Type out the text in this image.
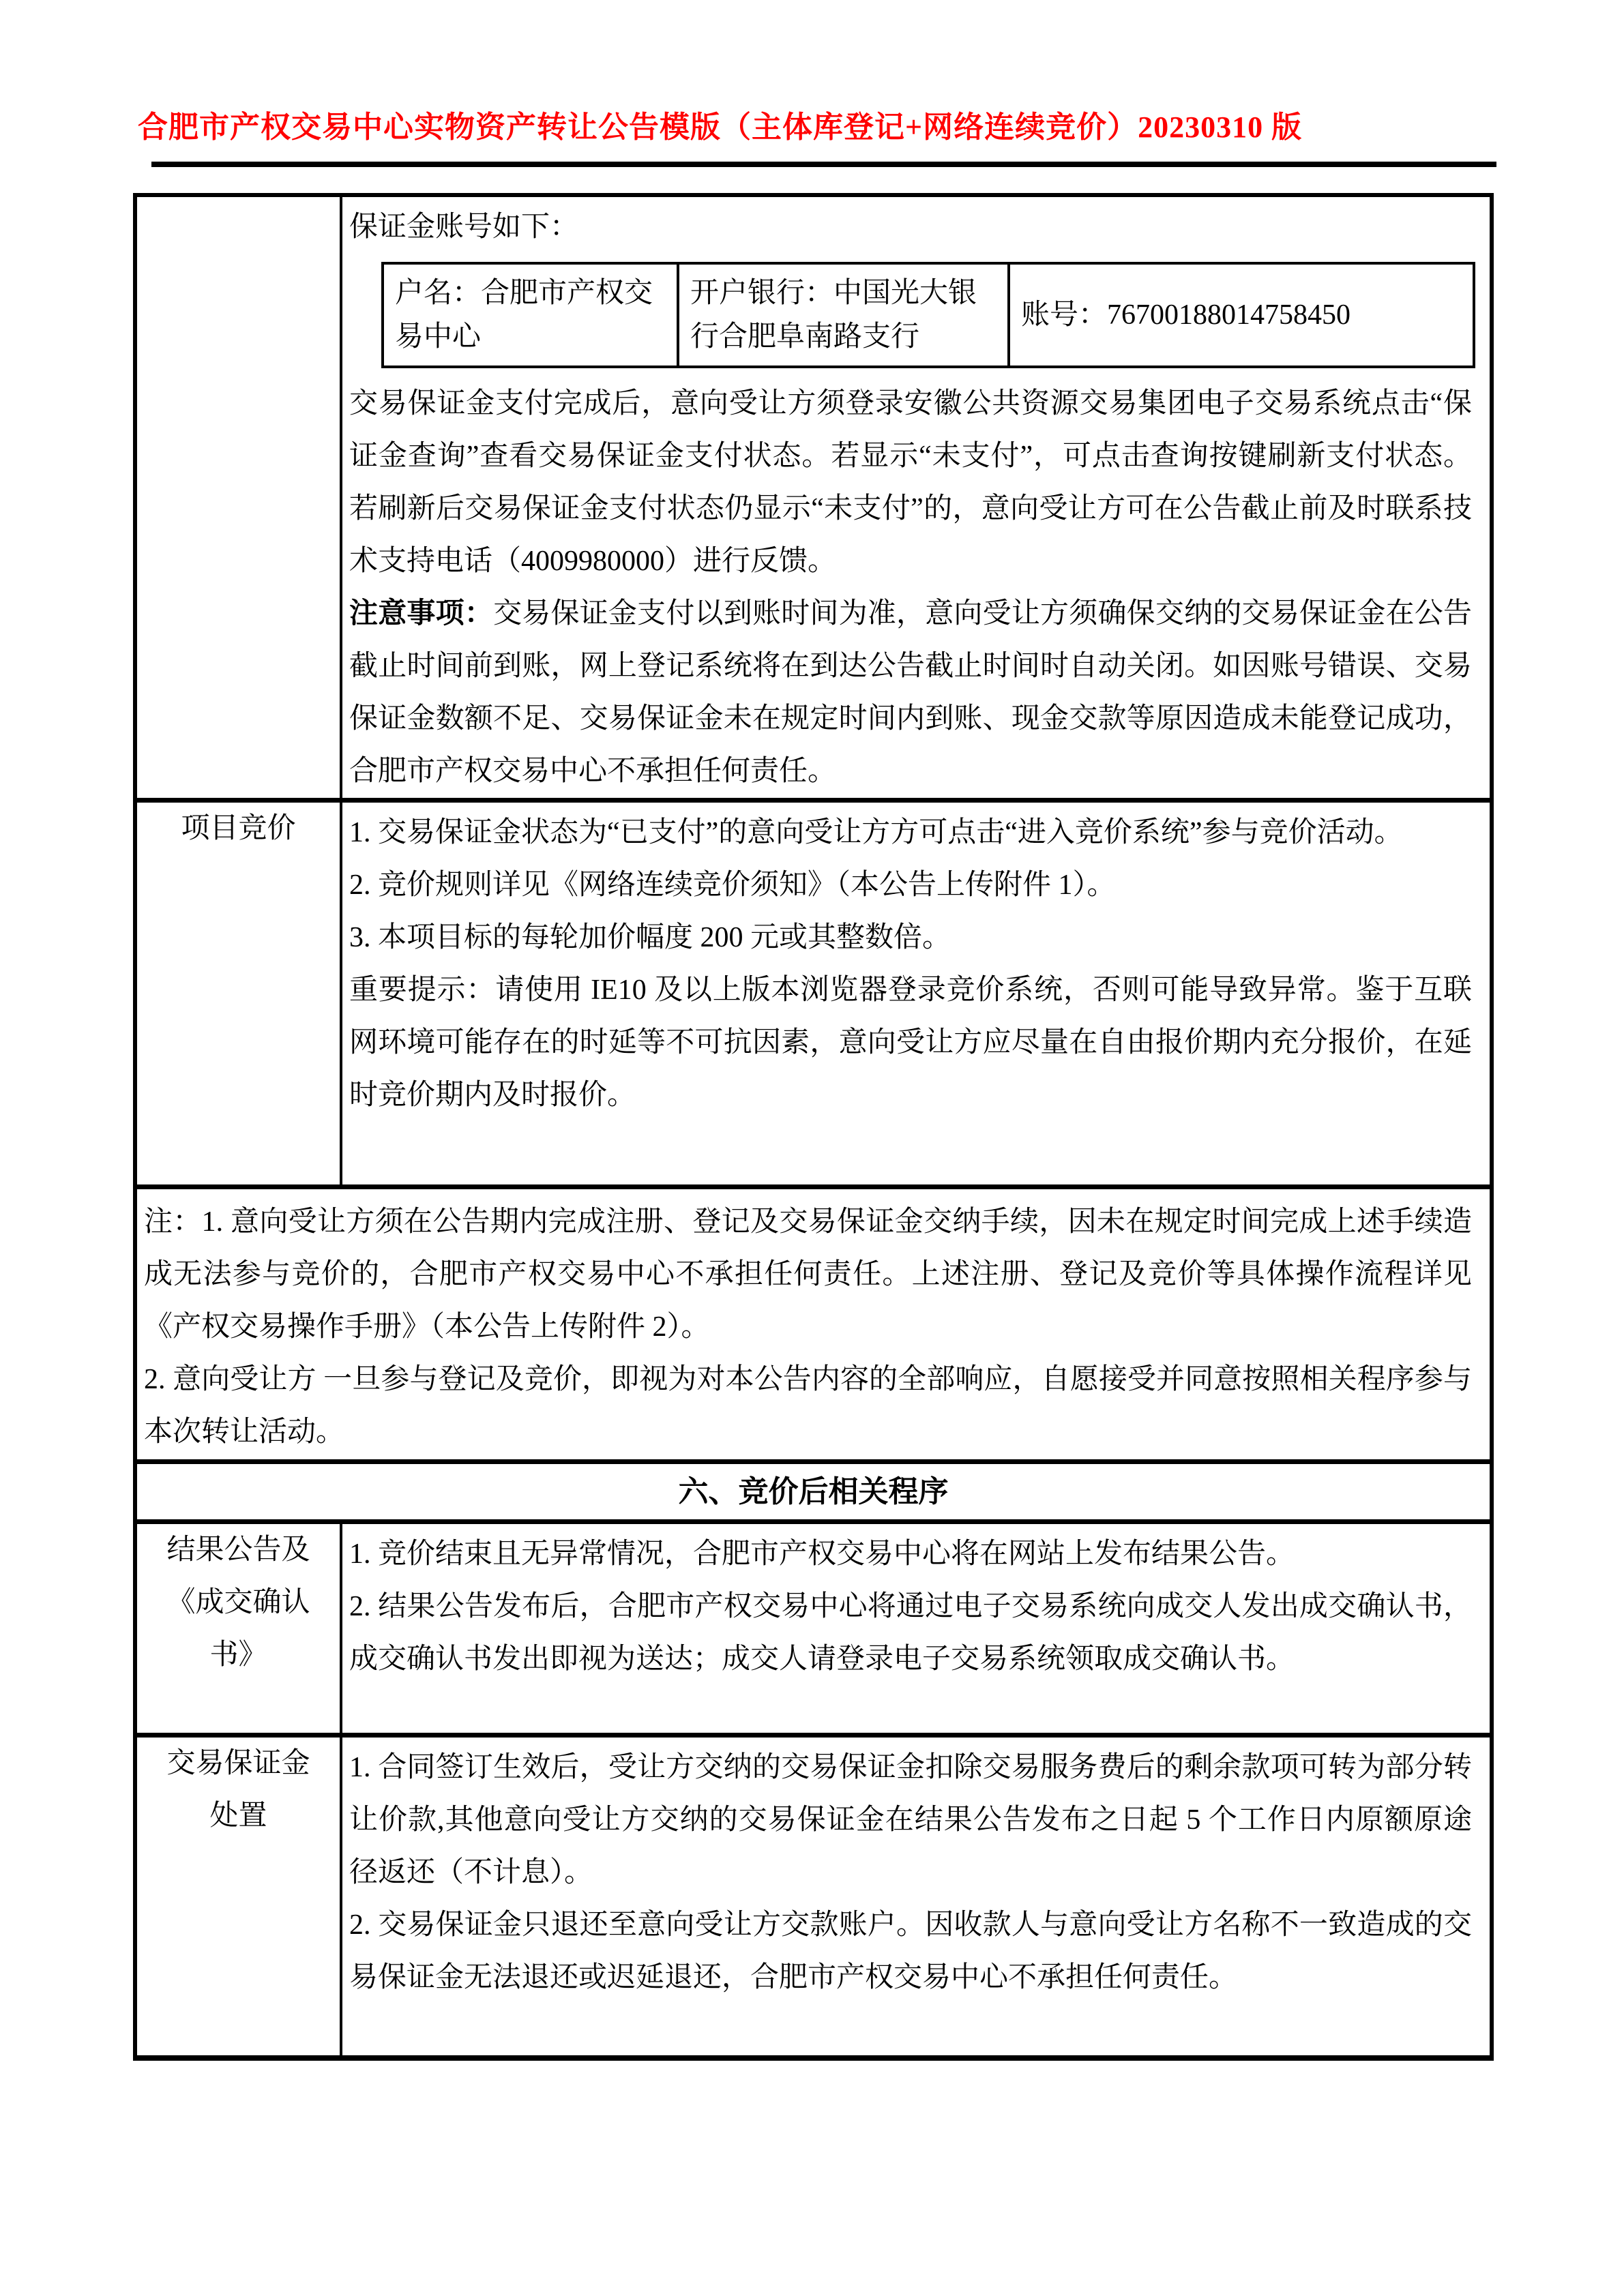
合肥市产权交易中心实物资产转让公告模版（主体库登记+网络连续竞价）20230310 版

保证金账号如下：

户名：合肥市产权交易中心	开户银行：中国光大银行合肥阜南路支行	账号：76700188014758450

交易保证金支付完成后，意向受让方须登录安徽公共资源交易集团电子交易系统点击“保证金查询”查看交易保证金支付状态。若显示“未支付”，可点击查询按键刷新支付状态。若刷新后交易保证金支付状态仍显示“未支付”的，意向受让方可在公告截止前及时联系技术支持电话（4009980000）进行反馈。

注意事项：交易保证金支付以到账时间为准，意向受让方须确保交纳的交易保证金在公告截止时间前到账，网上登记系统将在到达公告截止时间时自动关闭。如因账号错误、交易保证金数额不足、交易保证金未在规定时间内到账、现金交款等原因造成未能登记成功，合肥市产权交易中心不承担任何责任。

项目竞价	1. 交易保证金状态为“已支付”的意向受让方方可点击“进入竞价系统”参与竞价活动。
2. 竞价规则详见《网络连续竞价须知》（本公告上传附件 1）。
3. 本项目标的每轮加价幅度 200 元或其整数倍。
重要提示：请使用 IE10 及以上版本浏览器登录竞价系统，否则可能导致异常。鉴于互联网环境可能存在的时延等不可抗因素，意向受让方应尽量在自由报价期内充分报价，在延时竞价期内及时报价。

注：1. 意向受让方须在公告期内完成注册、登记及交易保证金交纳手续，因未在规定时间完成上述手续造成无法参与竞价的，合肥市产权交易中心不承担任何责任。上述注册、登记及竞价等具体操作流程详见《产权交易操作手册》（本公告上传附件 2）。
2. 意向受让方 一旦参与登记及竞价，即视为对本公告内容的全部响应，自愿接受并同意按照相关程序参与本次转让活动。

六、竞价后相关程序

结果公告及《成交确认书》

1. 竞价结束且无异常情况，合肥市产权交易中心将在网站上发布结果公告。
2. 结果公告发布后，合肥市产权交易中心将通过电子交易系统向成交人发出成交确认书，成交确认书发出即视为送达；成交人请登录电子交易系统领取成交确认书。

交易保证金处置

1. 合同签订生效后，受让方交纳的交易保证金扣除交易服务费后的剩余款项可转为部分转让价款,其他意向受让方交纳的交易保证金在结果公告发布之日起 5 个工作日内原额原途径返还（不计息）。
2. 交易保证金只退还至意向受让方交款账户。因收款人与意向受让方名称不一致造成的交易保证金无法退还或迟延退还，合肥市产权交易中心不承担任何责任。
